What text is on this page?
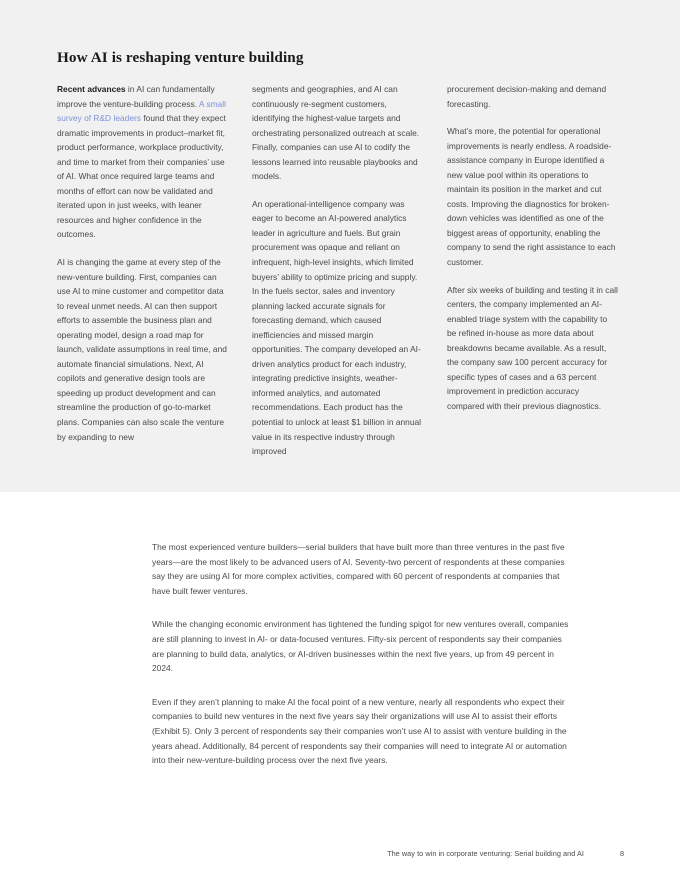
How AI is reshaping venture building

Recent advances in AI can fundamentally improve the venture-building process. A small survey of R&D leaders found that they expect dramatic improvements in product–market fit, product performance, workplace productivity, and time to market from their companies’ use of AI. What once required large teams and months of effort can now be validated and iterated upon in just weeks, with leaner resources and higher confidence in the outcomes.

AI is changing the game at every step of the new-venture building. First, companies can use AI to mine customer and competitor data to reveal unmet needs. AI can then support efforts to assemble the business plan and operating model, design a road map for launch, validate assumptions in real time, and automate financial simulations. Next, AI copilots and generative design tools are speeding up product development and can streamline the production of go-to-market plans. Companies can also scale the venture by expanding to new

segments and geographies, and AI can continuously re-segment customers, identifying the highest-value targets and orchestrating personalized outreach at scale. Finally, companies can use AI to codify the lessons learned into reusable playbooks and models.

An operational-intelligence company was eager to become an AI-powered analytics leader in agriculture and fuels. But grain procurement was opaque and reliant on infrequent, high-level insights, which limited buyers’ ability to optimize pricing and supply. In the fuels sector, sales and inventory planning lacked accurate signals for forecasting demand, which caused inefficiencies and missed margin opportunities. The company developed an AI-driven analytics product for each industry, integrating predictive insights, weather-informed analytics, and automated recommendations. Each product has the potential to unlock at least $1 billion in annual value in its respective industry through improved

procurement decision-making and demand forecasting.

What’s more, the potential for operational improvements is nearly endless. A roadside-assistance company in Europe identified a new value pool within its operations to maintain its position in the market and cut costs. Improving the diagnostics for broken-down vehicles was identified as one of the biggest areas of opportunity, enabling the company to send the right assistance to each customer.

After six weeks of building and testing it in call centers, the company implemented an AI-enabled triage system with the capability to be refined in-house as more data about breakdowns became available. As a result, the company saw 100 percent accuracy for specific types of cases and a 63 percent improvement in prediction accuracy compared with their previous diagnostics.

The most experienced venture builders—serial builders that have built more than three ventures in the past five years—are the most likely to be advanced users of AI. Seventy-two percent of respondents at these companies say they are using AI for more complex activities, compared with 60 percent of respondents at companies that have built fewer ventures.

While the changing economic environment has tightened the funding spigot for new ventures overall, companies are still planning to invest in AI- or data-focused ventures. Fifty-six percent of respondents say their companies are planning to build data, analytics, or AI-driven businesses within the next five years, up from 49 percent in 2024.

Even if they aren’t planning to make AI the focal point of a new venture, nearly all respondents who expect their companies to build new ventures in the next five years say their organizations will use AI to assist their efforts (Exhibit 5). Only 3 percent of respondents say their companies won’t use AI to assist with venture building in the years ahead. Additionally, 84 percent of respondents say their companies will need to integrate AI or automation into their new-venture-building process over the next five years.

The way to win in corporate venturing: Serial building and AI	8
